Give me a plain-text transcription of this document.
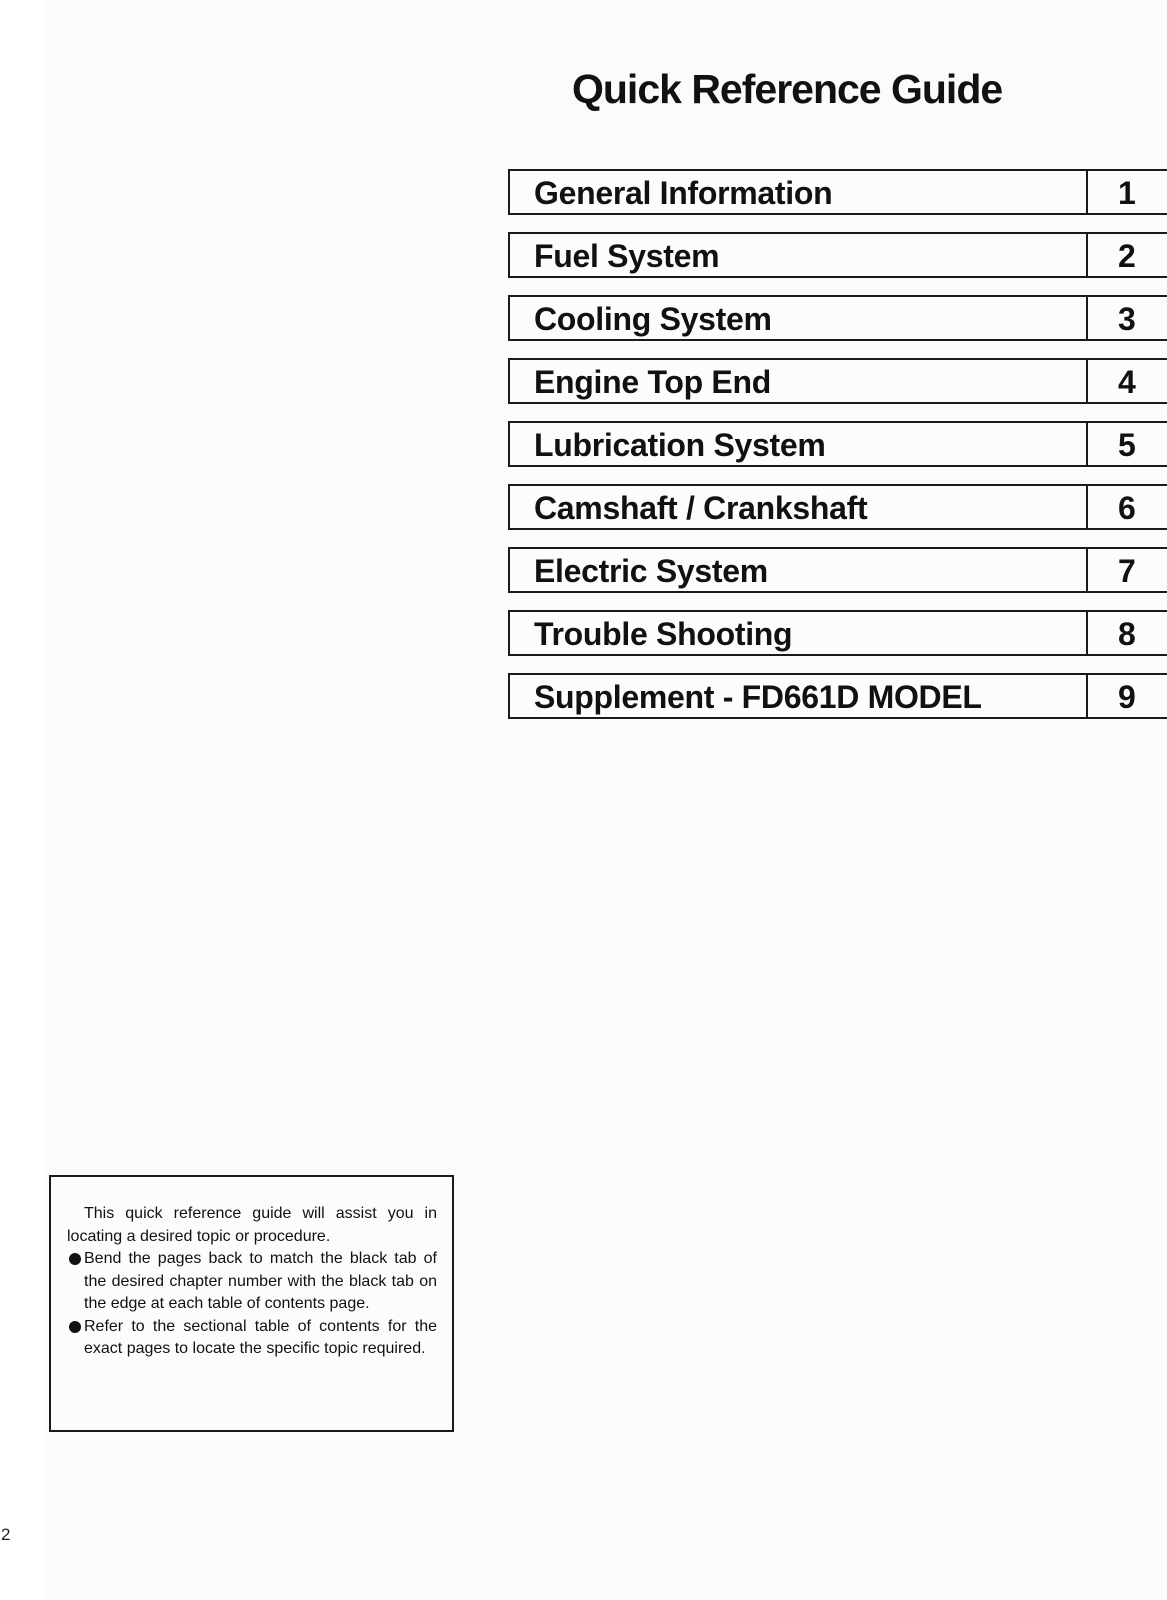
Quick Reference Guide
General Information	1
Fuel System	2
Cooling System	3
Engine Top End	4
Lubrication System	5
Camshaft / Crankshaft	6
Electric System	7
Trouble Shooting	8
Supplement - FD661D MODEL	9

This quick reference guide will assist you in locating a desired topic or procedure.

Bend the pages back to match the black tab of the desired chapter number with the black tab on the edge at each table of contents page.
Refer to the sectional table of contents for the exact pages to locate the specific topic required.
2
